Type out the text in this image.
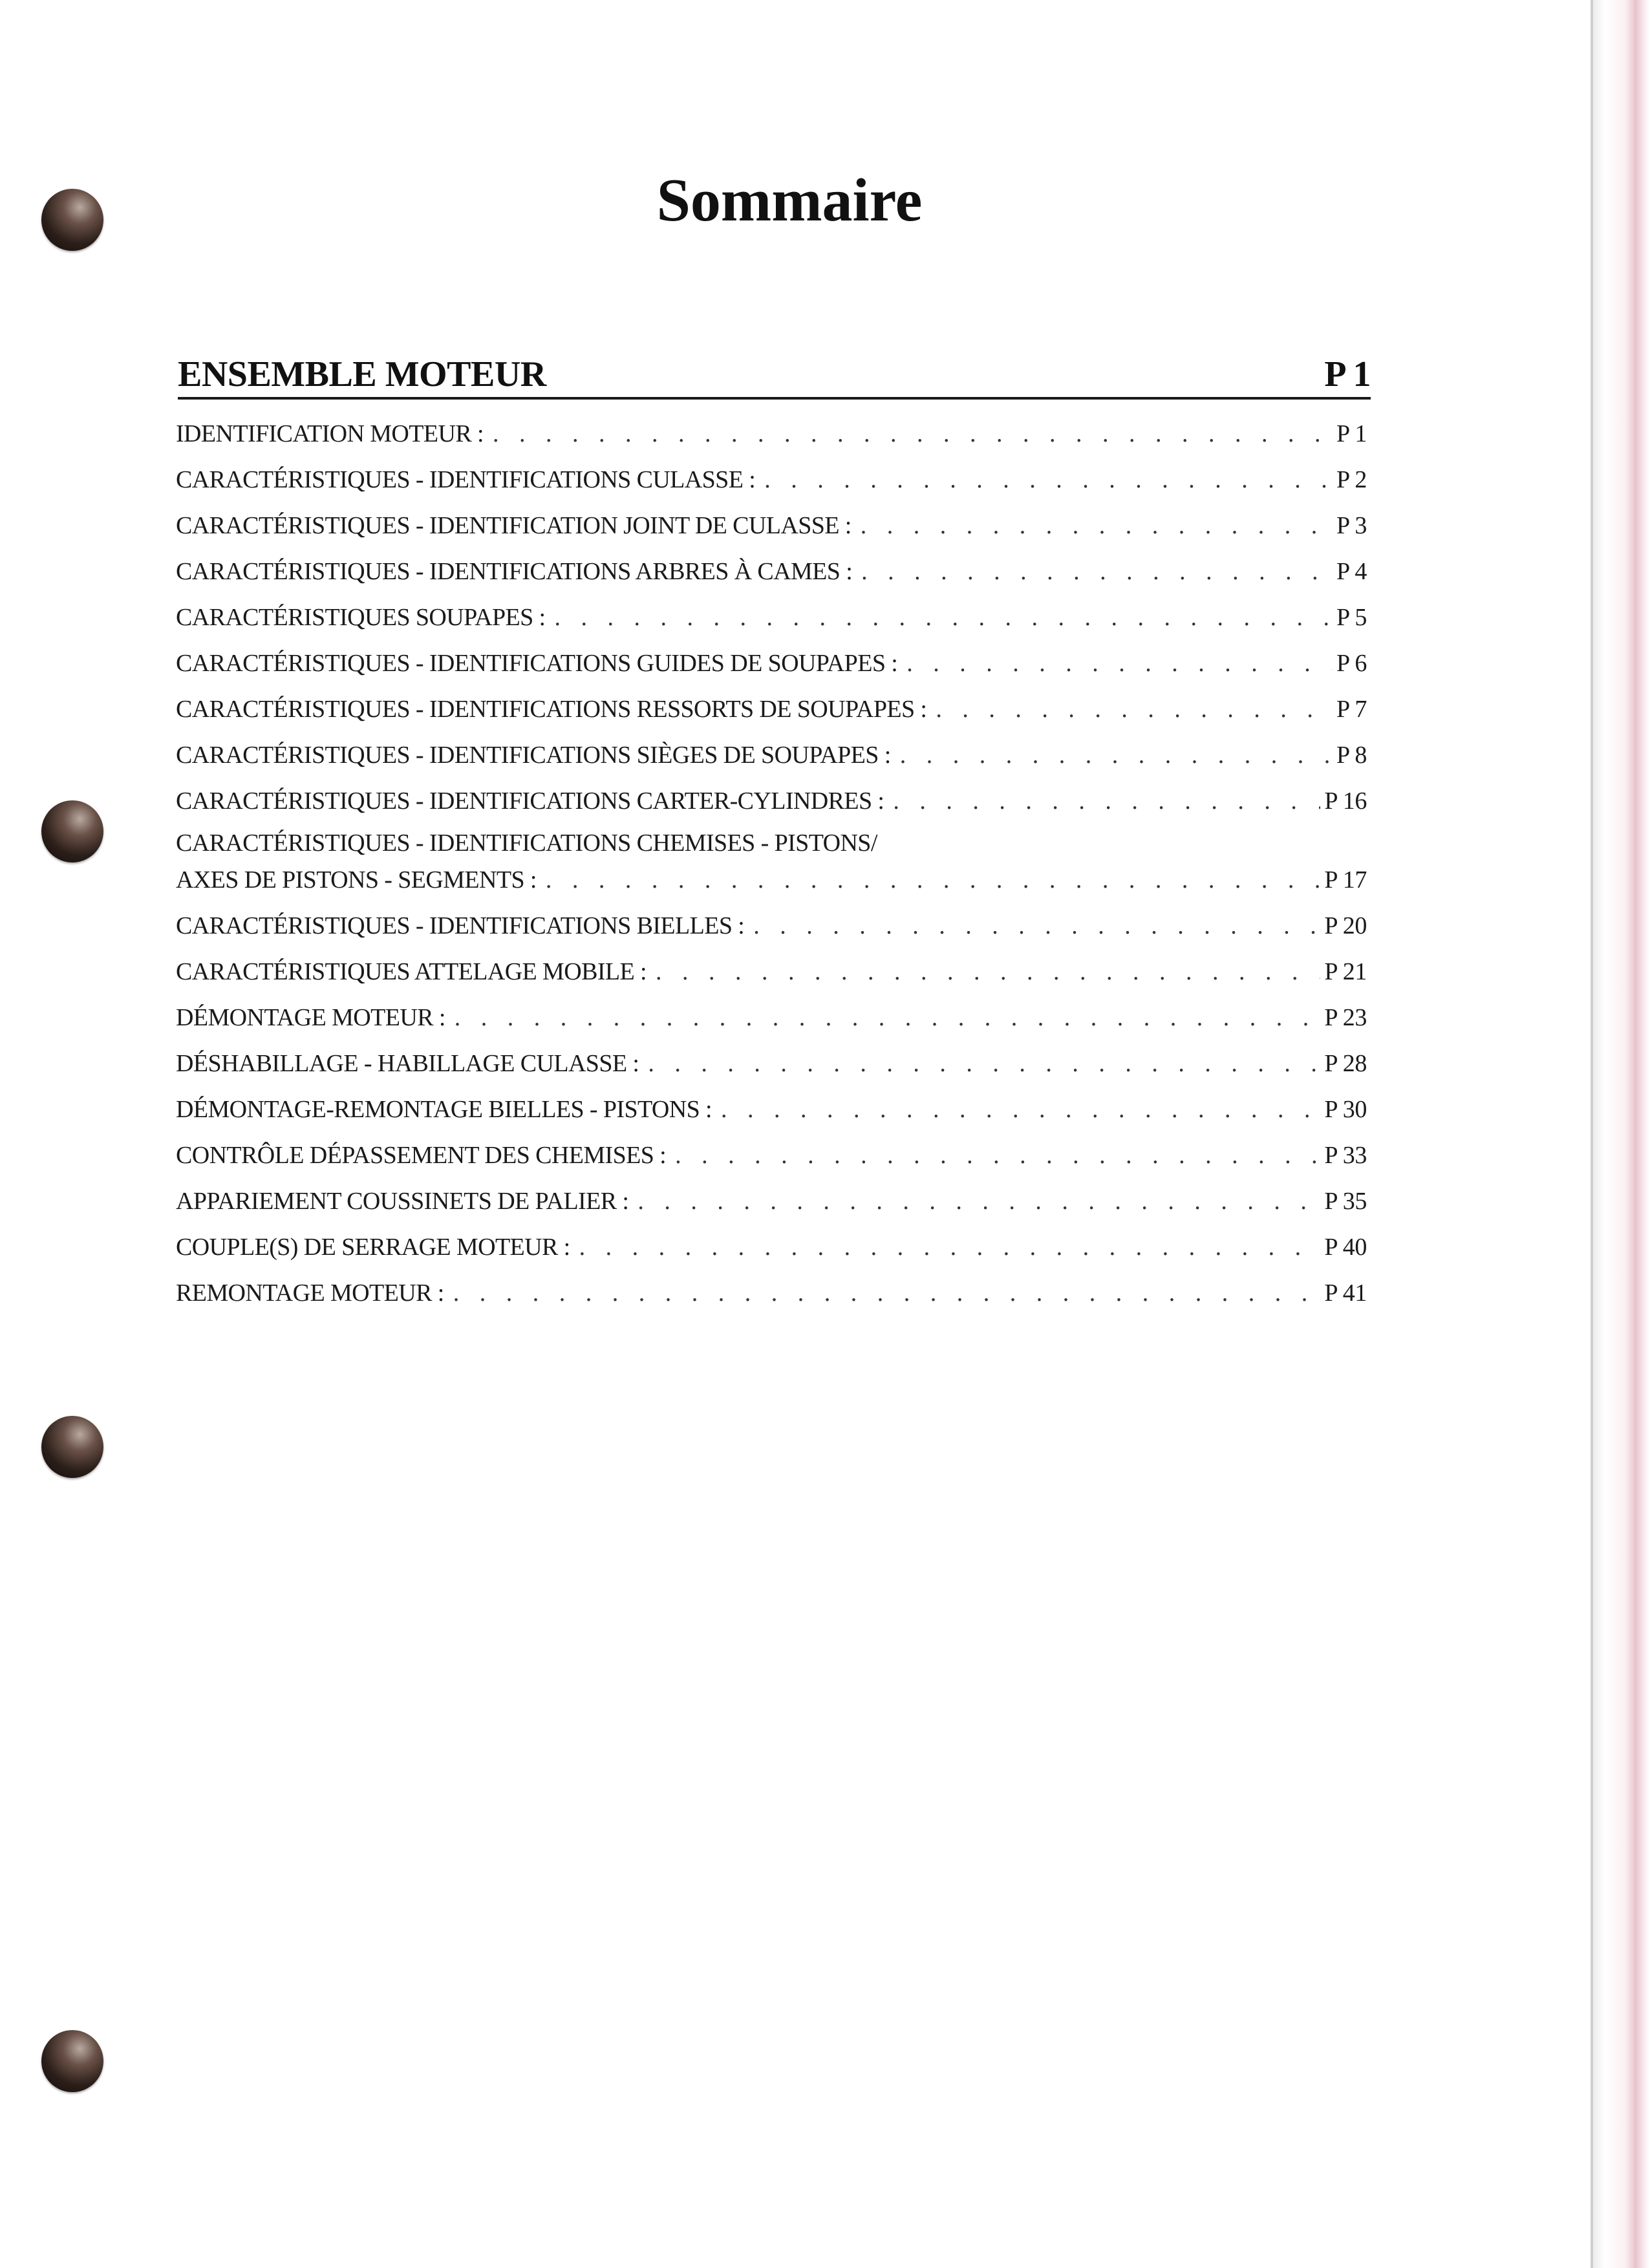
Sommaire
ENSEMBLE MOTEUR	P 1
IDENTIFICATION MOTEUR : . . .	P 1
CARACTÉRISTIQUES - IDENTIFICATIONS CULASSE : . . .	P 2
CARACTÉRISTIQUES - IDENTIFICATION JOINT DE CULASSE : . . .	P 3
CARACTÉRISTIQUES - IDENTIFICATIONS ARBRES À CAMES : . . .	P 4
CARACTÉRISTIQUES SOUPAPES : . . .	P 5
CARACTÉRISTIQUES - IDENTIFICATIONS GUIDES DE SOUPAPES : . . .	P 6
CARACTÉRISTIQUES - IDENTIFICATIONS RESSORTS DE SOUPAPES : . . .	P 7
CARACTÉRISTIQUES - IDENTIFICATIONS SIÈGES DE SOUPAPES : . . .	P 8
CARACTÉRISTIQUES - IDENTIFICATIONS CARTER-CYLINDRES : . . .	P 16
CARACTÉRISTIQUES - IDENTIFICATIONS CHEMISES - PISTONS/
AXES DE PISTONS - SEGMENTS : . . .	P 17
CARACTÉRISTIQUES - IDENTIFICATIONS BIELLES : . . .	P 20
CARACTÉRISTIQUES ATTELAGE MOBILE : . . .	P 21
DÉMONTAGE MOTEUR : . . .	P 23
DÉSHABILLAGE - HABILLAGE CULASSE : . . .	P 28
DÉMONTAGE-REMONTAGE BIELLES - PISTONS : . . .	P 30
CONTRÔLE DÉPASSEMENT DES CHEMISES : . . .	P 33
APPARIEMENT COUSSINETS DE PALIER : . . .	P 35
COUPLE(S) DE SERRAGE MOTEUR : . . .	P 40
REMONTAGE MOTEUR : . . .	P 41
